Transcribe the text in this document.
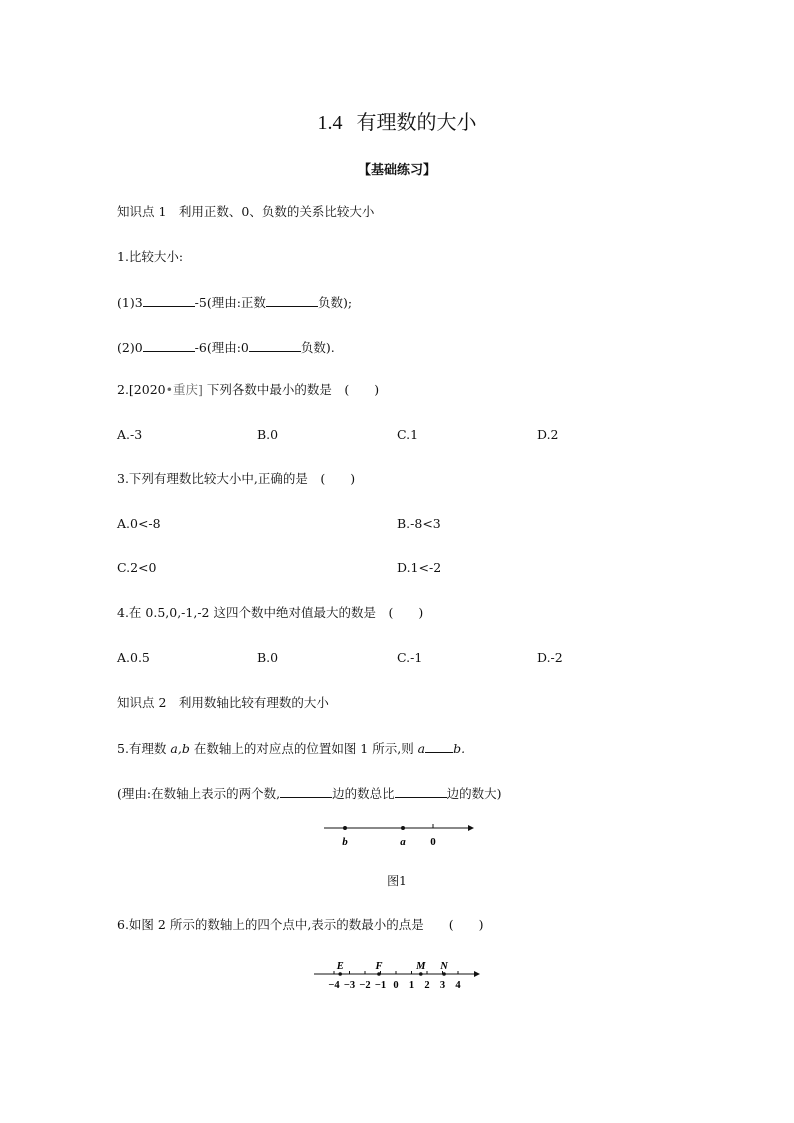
1.4 有理数的大小
【基础练习】
知识点 1　利用正数、0、负数的关系比较大小
1.比较大小:
(1)3	-5(理由:正数	负数);
(2)0	-6(理由:0	负数).
2.[2020•重庆] 下列各数中最小的数是　(　　)
A.-3	B.0	C.1	D.2
3.下列有理数比较大小中,正确的是　(　　)
A.0<-8	B.-8<3
C.2<0	D.1<-2
4.在 0.5,0,-1,-2 这四个数中绝对值最大的数是　(　　)
A.0.5	B.0	C.-1	D.-2
知识点 2　利用数轴比较有理数的大小
5.有理数 a,b 在数轴上的对应点的位置如图 1 所示,则 a b.
(理由:在数轴上表示的两个数,	边的数总比	边的数大)
b	a 0
图1
6.如图 2 所示的数轴上的四个点中,表示的数最小的点是　　(　　)
−4 −3 −2 −1 0 1 2 3 4
E	F	M N
